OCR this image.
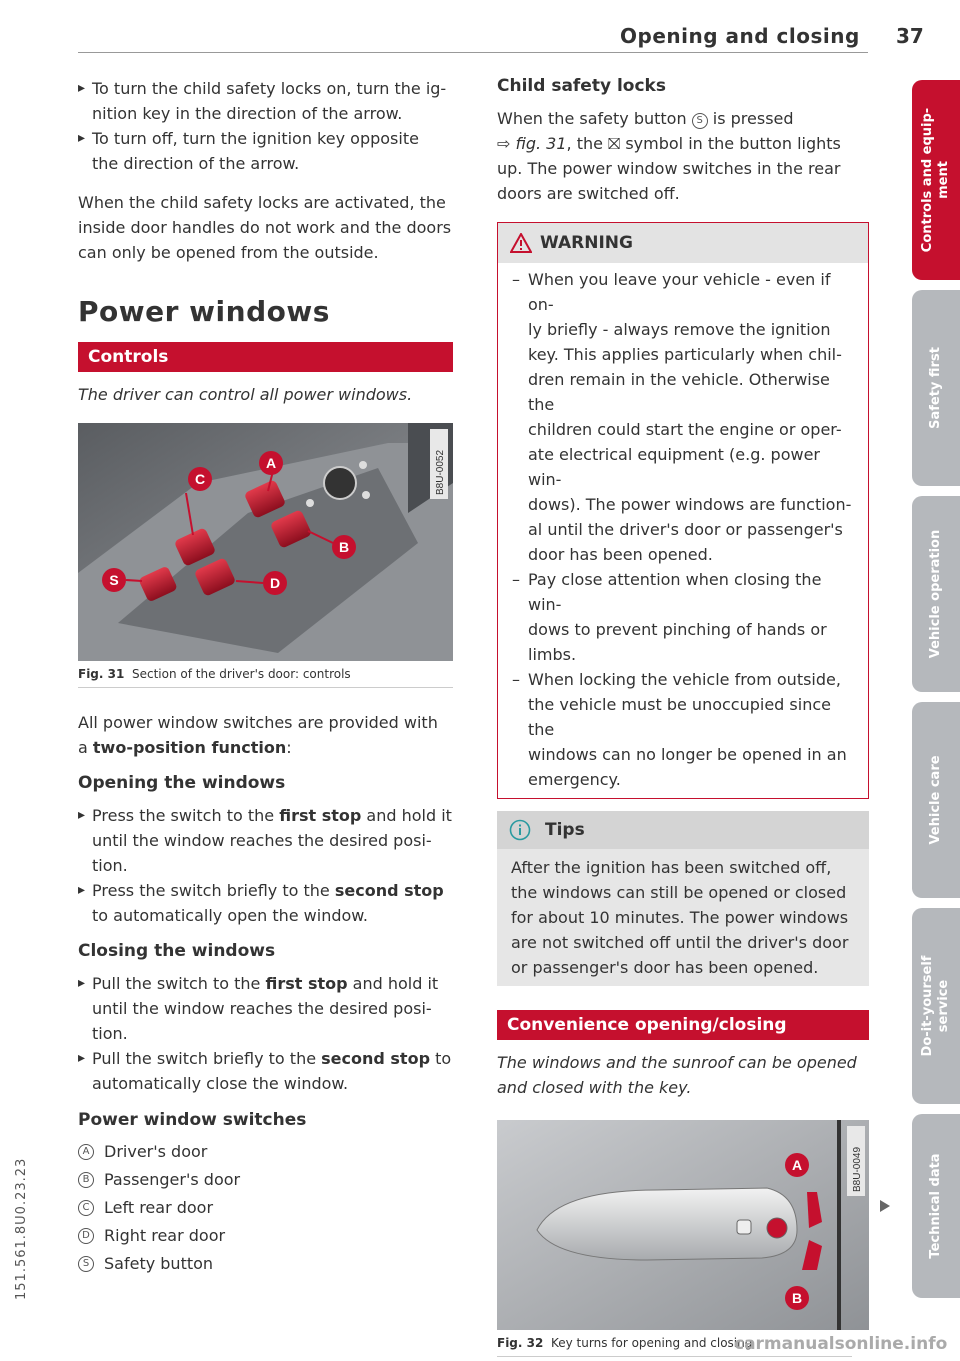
Opening and closing 37

▸ To turn the child safety locks on, turn the ig-

nition key in the direction of the arrow.

▸ To turn off, turn the ignition key opposite

the direction of the arrow.

When the child safety locks are activated, the

inside door handles do not work and the doors

can only be opened from the outside.

Power windows
Controls

The driver can control all power windows.

A
B
C
D
S
B8U-0052

Fig. 31 Section of the driver's door: controls

All power window switches are provided with

a two-position function:

Opening the windows

▸ Press the switch to the first stop and hold it

until the window reaches the desired posi-

tion.

▸ Press the switch briefly to the second stop

to automatically open the window.

Closing the windows

▸ Pull the switch to the first stop and hold it

until the window reaches the desired posi-

tion.

▸ Pull the switch briefly to the second stop to

automatically close the window.

Power window switches
A Driver's door
B Passenger's door
C Left rear door
D Right rear door
S Safety button
Child safety locks

When the safety button S is pressed

⇨ fig. 31, the ⛝ symbol in the button lights

up. The power window switches in the rear

doors are switched off.

WARNING
– When you leave your vehicle - even if on-
ly briefly - always remove the ignition
key. This applies particularly when chil-
dren remain in the vehicle. Otherwise the
children could start the engine or oper-
ate electrical equipment (e.g. power win-
dows). The power windows are function-
al until the driver's door or passenger's
door has been opened.
– Pay close attention when closing the win-
dows to prevent pinching of hands or
limbs.
– When locking the vehicle from outside,
the vehicle must be unoccupied since the
windows can no longer be opened in an
emergency.
Tips
After the ignition has been switched off,
the windows can still be opened or closed
for about 10 minutes. The power windows
are not switched off until the driver's door
or passenger's door has been opened.
Convenience opening/closing

The windows and the sunroof can be opened

and closed with the key.

A
B
B8U-0049

Fig. 32 Key turns for opening and closing

Controls and equip-
ment
Safety first
Vehicle operation
Vehicle care
Do-it-yourself
service
Technical data
151.561.8U0.23.23
carmanualsonline.info
